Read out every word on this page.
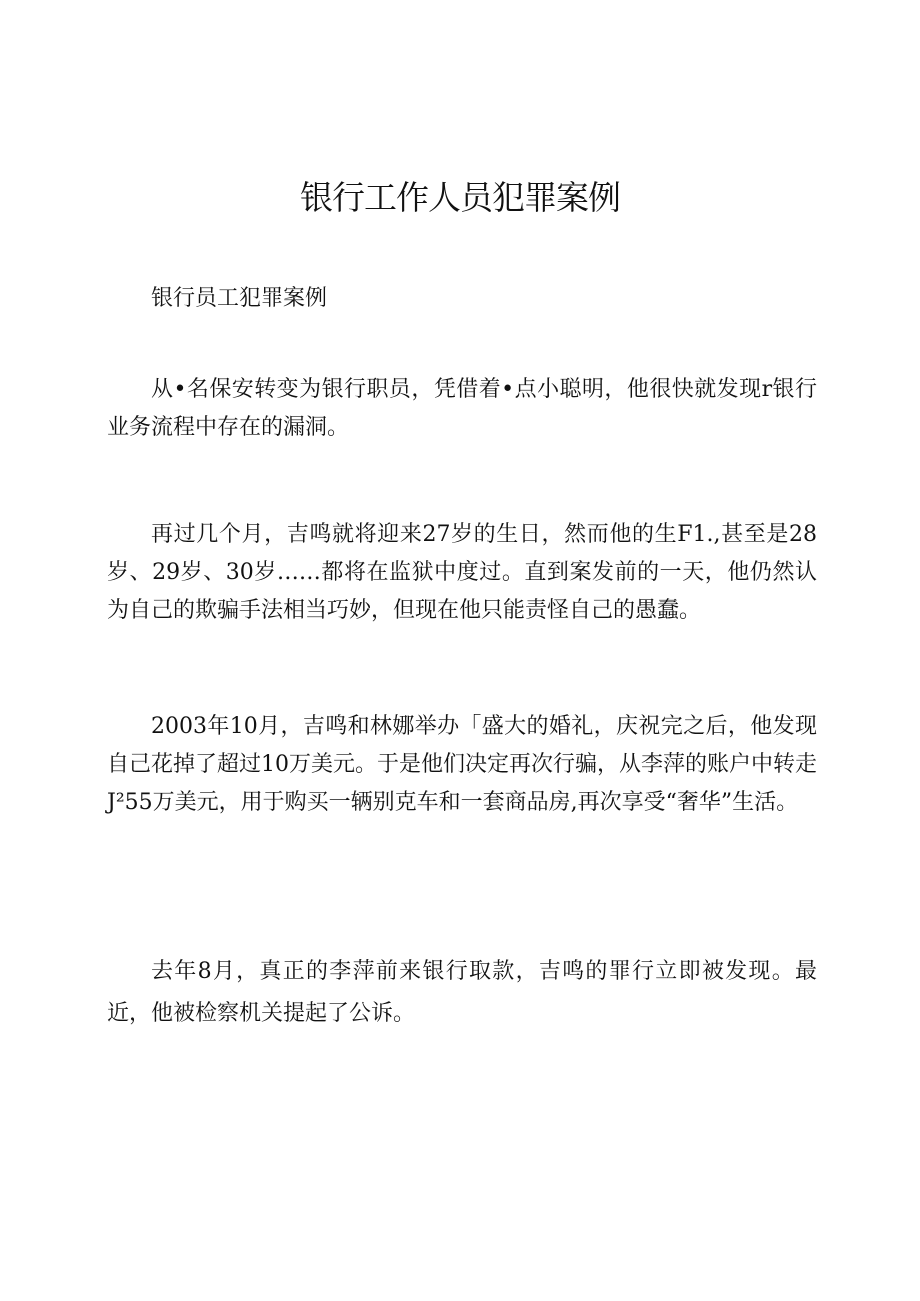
银行工作人员犯罪案例

银行员工犯罪案例

从•名保安转变为银行职员，凭借着•点小聪明，他很快就发现r银行业务流程中存在的漏洞。

再过几个月，吉鸣就将迎来27岁的生日，然而他的生F1.,甚至是28岁、29岁、30岁……都将在监狱中度过。直到案发前的一天，他仍然认为自己的欺骗手法相当巧妙，但现在他只能责怪自己的愚蠢。

2003年10月，吉鸣和林娜举办「盛大的婚礼，庆祝完之后，他发现自己花掉了超过10万美元。于是他们决定再次行骗，从李萍的账户中转走J²55万美元，用于购买一辆别克车和一套商品房,再次享受“奢华”生活。

去年8月，真正的李萍前来银行取款，吉鸣的罪行立即被发现。最近，他被检察机关提起了公诉。
